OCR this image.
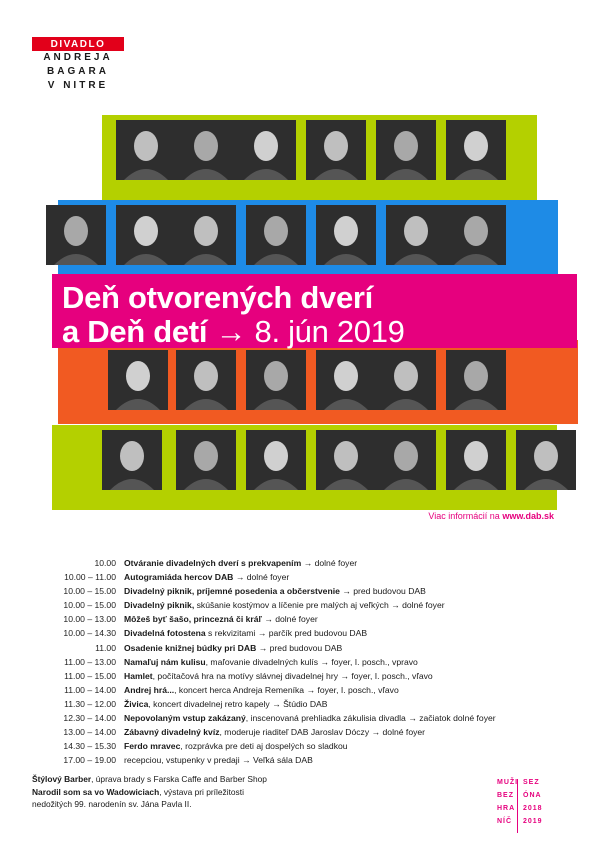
DIVADLO
ANDREJA
BAGARA
V NITRE
Deň otvorených dverí
a Deň detí → 8. jún 2019
Viac informácií na www.dab.sk
10.00 Otváranie divadelných dverí s prekvapením → dolné foyer
10.00 – 11.00 Autogramiáda hercov DAB → dolné foyer
10.00 – 15.00 Divadelný piknik, príjemné posedenia a občerstvenie → pred budovou DAB
10.00 – 15.00 Divadelný piknik, skúšanie kostýmov a líčenie pre malých aj veľkých → dolné foyer
10.00 – 13.00 Môžeš byť šašo, princezná či kráľ → dolné foyer
10.00 – 14.30 Divadelná fotostena s rekvizitami → parčík pred budovou DAB
11.00 Osadenie knižnej búdky pri DAB → pred budovou DAB
11.00 – 13.00 Namaľuj nám kulisu, maľovanie divadelných kulís → foyer, I. posch., vpravo
11.00 – 15.00 Hamlet, počítačová hra na motívy slávnej divadelnej hry → foyer, I. posch., vľavo
11.00 – 14.00 Andrej hrá..., koncert herca Andreja Remeníka → foyer, I. posch., vľavo
11.30 – 12.00 Živica, koncert divadelnej retro kapely → Štúdio DAB
12.30 – 14.00 Nepovolaným vstup zakázaný, inscenovaná prehliadka zákulisia divadla → začiatok dolné foyer
13.00 – 14.00 Zábavný divadelný kvíz, moderuje riaditeľ DAB Jaroslav Dóczy → dolné foyer
14.30 – 15.30 Ferdo mravec, rozprávka pre deti aj dospelých so sladkou
17.00 – 19.00 recepciou, vstupenky v predaji → Veľká sála DAB
Štýlový Barber, úprava brady s Farska Caffe and Barber Shop
Narodil som sa vo Wadowiciach, výstava pri príležitosti
nedožitých 99. narodenín sv. Jána Pavla II.
MUŽI SEZ
BEZ ÓNA
HRA 2018
NÍČ 2019
